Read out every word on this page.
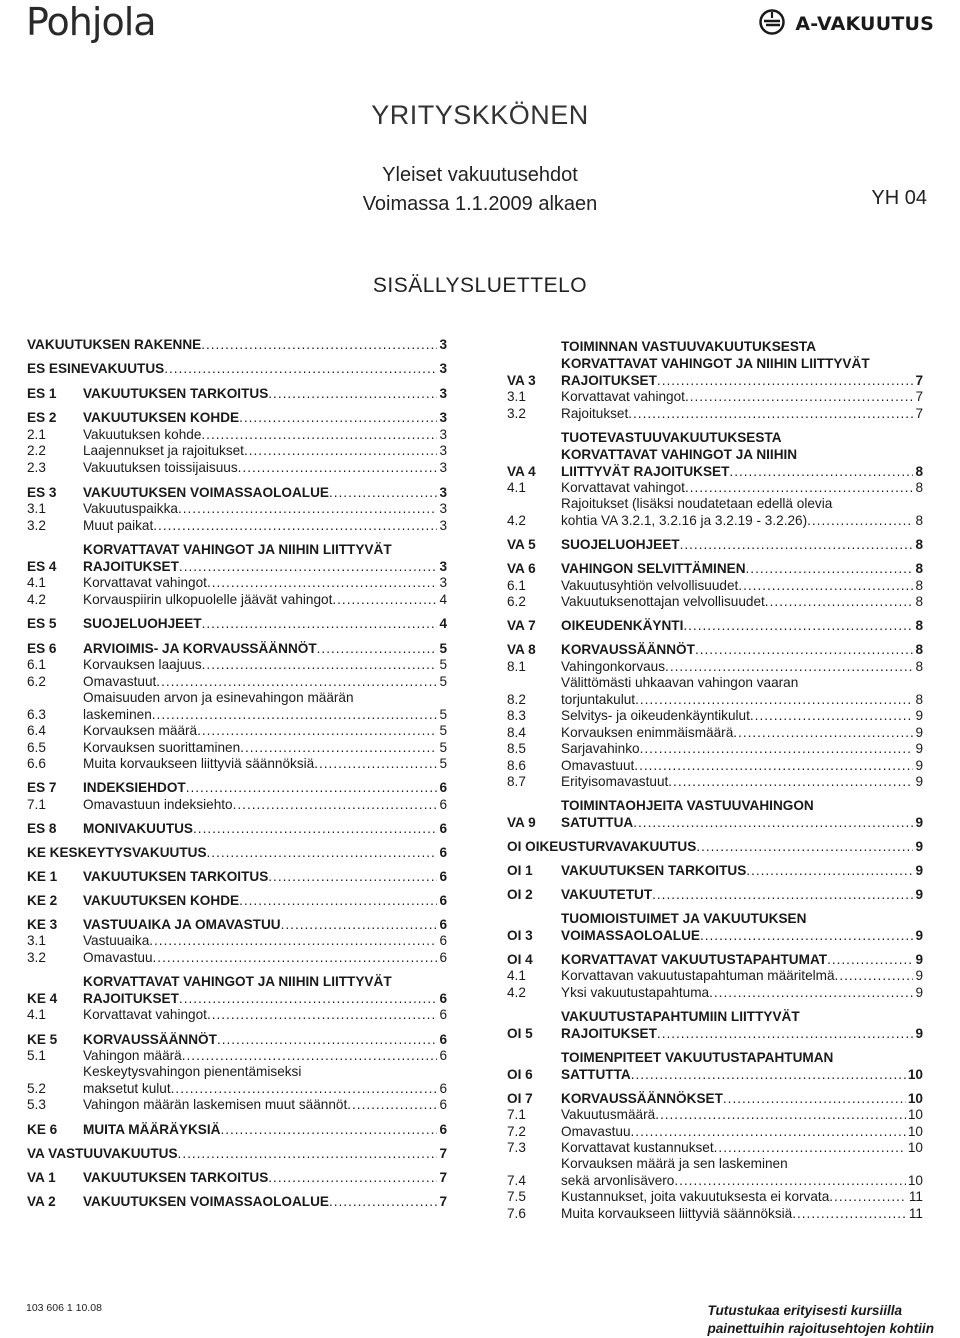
Pohjola	A-VAKUUTUS
YRITYSKKÖNEN
Yleiset vakuutusehdot
Voimassa 1.1.2009 alkaen	YH 04
SISÄLLYSLUETTELO
VAKUUTUKSEN RAKENNE .....	3
ES ESINEVAKUUTUS .....	3
ES 1	VAKUUTUKSEN TARKOITUS .....	3
ES 2	VAKUUTUKSEN KOHDE .....	3
2.1	Vakuutuksen kohde .....	3
2.2	Laajennukset ja rajoitukset .....	3
2.3	Vakuutuksen toissijaisuus .....	3
ES 3	VAKUUTUKSEN VOIMASSAOLOALUE .....	3
3.1	Vakuutuspaikka .....	3
3.2	Muut paikat .....	3
KORVATTAVAT VAHINGOT JA NIIHIN LIITTYVÄT
ES 4	RAJOITUKSET .....	3
4.1	Korvattavat vahingot .....	3
4.2	Korvauspiirin ulkopuolelle jäävät vahingot .....	4
ES 5	SUOJELUOHJEET .....	4
ES 6	ARVIOIMIS- JA KORVAUSSÄÄNNÖT .....	5
6.1	Korvauksen laajuus .....	5
6.2	Omavastuut .....	5
Omaisuuden arvon ja esinevahingon määrän
6.3	laskeminen .....	5
6.4	Korvauksen määrä .....	5
6.5	Korvauksen suorittaminen .....	5
6.6	Muita korvaukseen liittyviä säännöksiä .....	5
ES 7	INDEKSIEHDOT .....	6
7.1	Omavastuun indeksiehto .....	6
ES 8	MONIVAKUUTUS .....	6
KE KESKEYTYSVAKUUTUS .....	6
KE 1	VAKUUTUKSEN TARKOITUS .....	6
KE 2	VAKUUTUKSEN KOHDE .....	6
KE 3	VASTUUAIKA JA OMAVASTUU .....	6
3.1	Vastuuaika .....	6
3.2	Omavastuu .....	6
KORVATTAVAT VAHINGOT JA NIIHIN LIITTYVÄT
KE 4	RAJOITUKSET .....	6
4.1	Korvattavat vahingot .....	6
KE 5	KORVAUSSÄÄNNÖT .....	6
5.1	Vahingon määrä .....	6
Keskeytysvahingon pienentämiseksi
5.2	maksetut kulut .....	6
5.3	Vahingon määrän laskemisen muut säännöt .....	6
KE 6	MUITA MÄÄRÄYKSIÄ .....	6
VA VASTUUVAKUUTUS .....	7
VA 1	VAKUUTUKSEN TARKOITUS .....	7
VA 2	VAKUUTUKSEN VOIMASSAOLOALUE .....	7
TOIMINNAN VASTUUVAKUUTUKSESTA
KORVATTAVAT VAHINGOT JA NIIHIN LIITTYVÄT
VA 3	RAJOITUKSET .....	7
3.1	Korvattavat vahingot .....	7
3.2	Rajoitukset .....	7
TUOTEVASTUUVAKUUTUKSESTA
KORVATTAVAT VAHINGOT JA NIIHIN
VA 4	LIITTYVÄT RAJOITUKSET .....	8
4.1	Korvattavat vahingot .....	8
Rajoitukset (lisäksi noudatetaan edellä olevia
4.2	kohtia VA 3.2.1, 3.2.16 ja 3.2.19 - 3.2.26) .....	8
VA 5	SUOJELUOHJEET .....	8
VA 6	VAHINGON SELVITTÄMINEN .....	8
6.1	Vakuutusyhtiön velvollisuudet .....	8
6.2	Vakuutuksenottajan velvollisuudet .....	8
VA 7	OIKEUDENKÄYNTI .....	8
VA 8	KORVAUSSÄÄNNÖT .....	8
8.1	Vahingonkorvaus .....	8
Välittömästi uhkaavan vahingon vaaran
8.2	torjuntakulut .....	8
8.3	Selvitys- ja oikeudenkäyntikulut .....	9
8.4	Korvauksen enimmäismäärä .....	9
8.5	Sarjavahinko .....	9
8.6	Omavastuut .....	9
8.7	Erityisomavastuut .....	9
TOIMINTAOHJEITA VASTUUVAHINGON
VA 9	SATUTTUA .....	9
OI OIKEUSTURVAVAKUUTUS .....	9
OI 1	VAKUUTUKSEN TARKOITUS .....	9
OI 2	VAKUUTETUT .....	9
TUOMIOISTUIMET JA VAKUUTUKSEN
OI 3	VOIMASSAOLOALUE .....	9
OI 4	KORVATTAVAT VAKUUTUSTAPAHTUMAT .....	9
4.1	Korvattavan vakuutustapahtuman määritelmä .....	9
4.2	Yksi vakuutustapahtuma .....	9
VAKUUTUSTAPAHTUMIIN LIITTYVÄT
OI 5	RAJOITUKSET .....	9
TOIMENPITEET VAKUUTUSTAPAHTUMAN
OI 6	SATTUTTA .....	10
OI 7	KORVAUSSÄÄNNÖKSET .....	10
7.1	Vakuutusmäärä .....	10
7.2	Omavastuu .....	10
7.3	Korvattavat kustannukset .....	10
Korvauksen määrä ja sen laskeminen
7.4	sekä arvonlisävero .....	10
7.5	Kustannukset, joita vakuutuksesta ei korvata .....	11
7.6	Muita korvaukseen liittyviä säännöksiä .....	11
103 606 1 10.08	Tutustukaa erityisesti kursiilla
painettuihin rajoitusehtojen kohtiin
